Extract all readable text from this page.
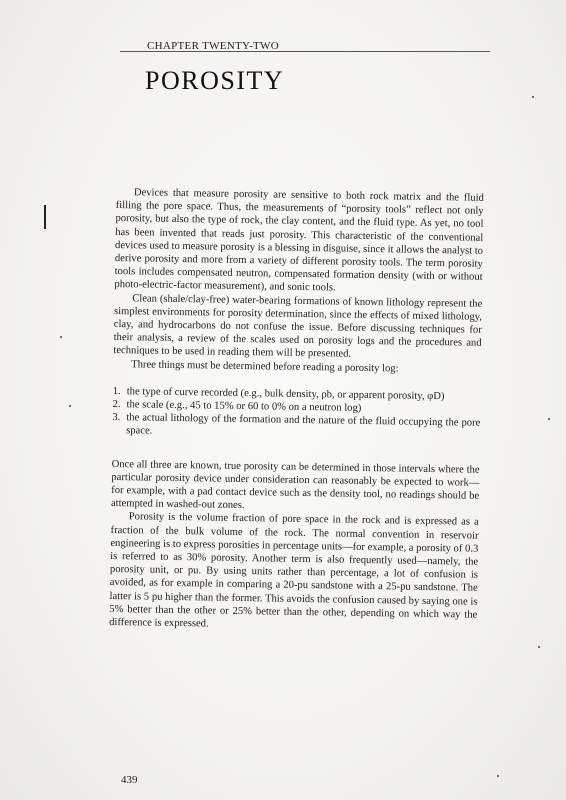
CHAPTER TWENTY-TWO
POROSITY

Devices that measure porosity are sensitive to both rock matrix and the fluid filling the pore space. Thus, the measurements of “porosity tools” reflect not only porosity, but also the type of rock, the clay content, and the fluid type. As yet, no tool has been invented that reads just porosity. This characteristic of the conventional devices used to measure porosity is a blessing in disguise, since it allows the analyst to derive porosity and more from a variety of different porosity tools. The term porosity tools includes compensated neutron, compensated formation density (with or without photo-electric-factor measurement), and sonic tools.

Clean (shale/clay-free) water-bearing formations of known lithology represent the simplest environments for porosity determination, since the effects of mixed lithology, clay, and hydrocarbons do not confuse the issue. Before discussing techniques for their analysis, a review of the scales used on porosity logs and the procedures and techniques to be used in reading them will be presented.

Three things must be determined before reading a porosity log:

1. the type of curve recorded (e.g., bulk density, ρb, or apparent porosity, φD)
2. the scale (e.g., 45 to 15% or 60 to 0% on a neutron log)
3. the actual lithology of the formation and the nature of the fluid occupying the pore space.

Once all three are known, true porosity can be determined in those intervals where the particular porosity device under consideration can reasonably be expected to work—for example, with a pad contact device such as the density tool, no readings should be attempted in washed-out zones.

Porosity is the volume fraction of pore space in the rock and is expressed as a fraction of the bulk volume of the rock. The normal convention in reservoir engineering is to express porosities in percentage units—for example, a porosity of 0.3 is referred to as 30% porosity. Another term is also frequently used—namely, the porosity unit, or pu. By using units rather than percentage, a lot of confusion is avoided, as for example in comparing a 20-pu sandstone with a 25-pu sandstone. The latter is 5 pu higher than the former. This avoids the confusion caused by saying one is 5% better than the other or 25% better than the other, depending on which way the difference is expressed.

439
